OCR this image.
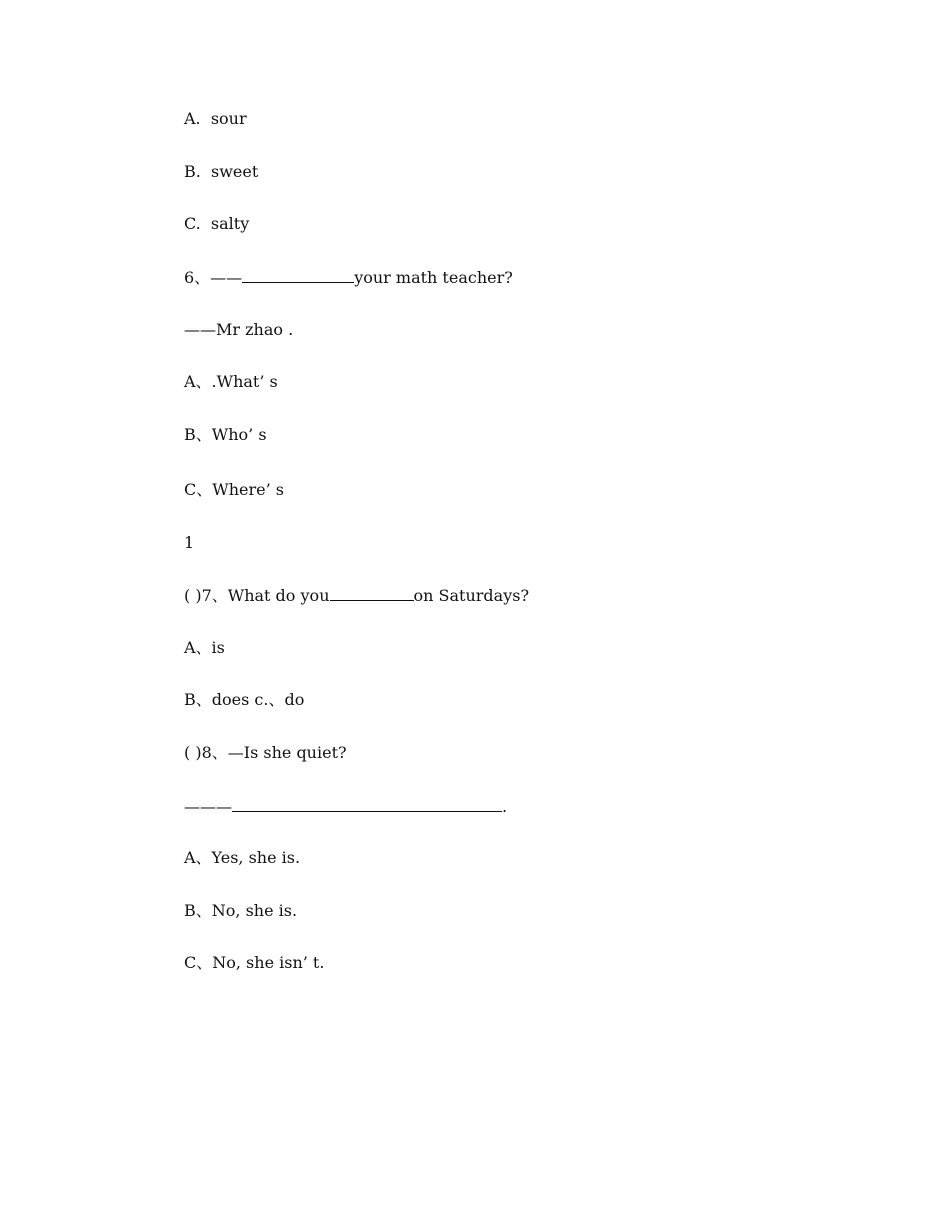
A.  sour
B.  sweet
C.  salty
6、——	your math teacher?
——Mr zhao .
A、.What’ s
B、Who’ s
C、Where’ s
1
( )7、What do you	on Saturdays?
A、is
B、does c.、do
( )8、—Is she quiet?
———	.
A、Yes, she is.
B、No, she is.
C、No, she isn’ t.
